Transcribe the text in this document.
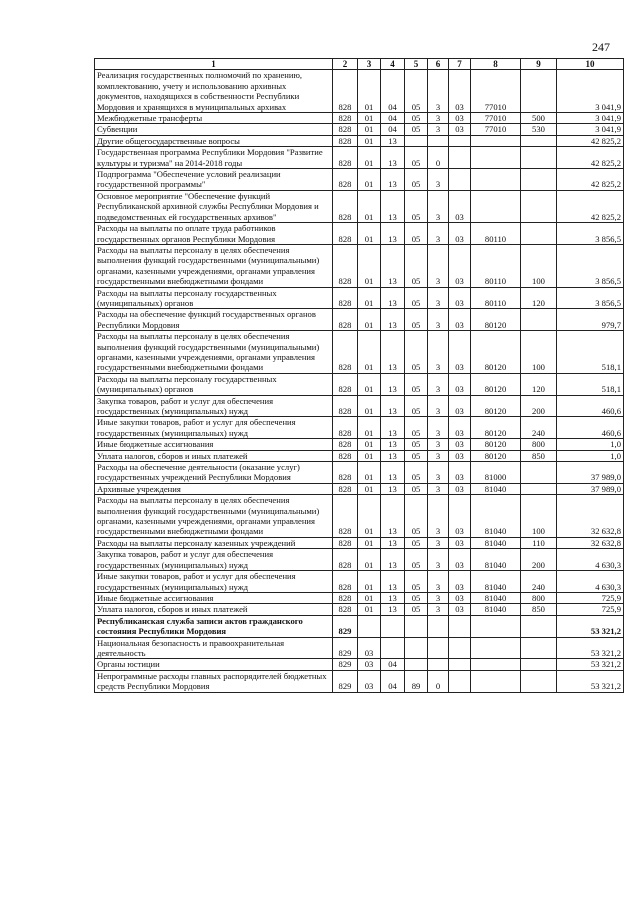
247
1	2	3	4	5	6	7	8	9	10
Реализация государственных полномочий по хранению, комплектованию, учету и использованию архивных документов, находящихся в собственности Республики Мордовия и хранящихся в муниципальных архивах	828	01	04	05	3	03	77010		3 041,9
Межбюджетные трансферты	828	01	04	05	3	03	77010	500	3 041,9
Субвенции	828	01	04	05	3	03	77010	530	3 041,9
Другие общегосударственные вопросы	828	01	13						42 825,2
Государственная программа Республики Мордовия "Развитие культуры и туризма" на 2014-2018 годы	828	01	13	05	0				42 825,2
Подпрограмма "Обеспечение условий реализации государственной программы"	828	01	13	05	3				42 825,2
Основное мероприятие "Обеспечение функций Республиканской архивной службы Республики Мордовия и подведомственных ей государственных архивов"	828	01	13	05	3	03			42 825,2
Расходы на выплаты по оплате труда работников государственных органов Республики Мордовия	828	01	13	05	3	03	80110		3 856,5
Расходы на выплаты персоналу в целях обеспечения выполнения функций государственными (муниципальными) органами, казенными учреждениями, органами управления государственными внебюджетными фондами	828	01	13	05	3	03	80110	100	3 856,5
Расходы на выплаты персоналу государственных (муниципальных) органов	828	01	13	05	3	03	80110	120	3 856,5
Расходы на обеспечение функций государственных органов Республики Мордовия	828	01	13	05	3	03	80120		979,7
Расходы на выплаты персоналу в целях обеспечения выполнения функций государственными (муниципальными) органами, казенными учреждениями, органами управления государственными внебюджетными фондами	828	01	13	05	3	03	80120	100	518,1
Расходы на выплаты персоналу государственных (муниципальных) органов	828	01	13	05	3	03	80120	120	518,1
Закупка товаров, работ и услуг для обеспечения государственных (муниципальных) нужд	828	01	13	05	3	03	80120	200	460,6
Иные закупки товаров, работ и услуг для обеспечения государственных (муниципальных) нужд	828	01	13	05	3	03	80120	240	460,6
Иные бюджетные ассигнования	828	01	13	05	3	03	80120	800	1,0
Уплата налогов, сборов и иных платежей	828	01	13	05	3	03	80120	850	1,0
Расходы на обеспечение деятельности (оказание услуг) государственных учреждений Республики Мордовия	828	01	13	05	3	03	81000		37 989,0
Архивные учреждения	828	01	13	05	3	03	81040		37 989,0
Расходы на выплаты персоналу в целях обеспечения выполнения функций государственными (муниципальными) органами, казенными учреждениями, органами управления государственными внебюджетными фондами	828	01	13	05	3	03	81040	100	32 632,8
Расходы на выплаты персоналу казенных учреждений	828	01	13	05	3	03	81040	110	32 632,8
Закупка товаров, работ и услуг для обеспечения государственных (муниципальных) нужд	828	01	13	05	3	03	81040	200	4 630,3
Иные закупки товаров, работ и услуг для обеспечения государственных (муниципальных) нужд	828	01	13	05	3	03	81040	240	4 630,3
Иные бюджетные ассигнования	828	01	13	05	3	03	81040	800	725,9
Уплата налогов, сборов и иных платежей	828	01	13	05	3	03	81040	850	725,9
Республиканская служба записи актов гражданского состояния Республики Мордовия	829								53 321,2
Национальная безопасность и правоохранительная деятельность	829	03							53 321,2
Органы юстиции	829	03	04						53 321,2
Непрограммные расходы главных распорядителей бюджетных средств Республики Мордовия	829	03	04	89	0				53 321,2
